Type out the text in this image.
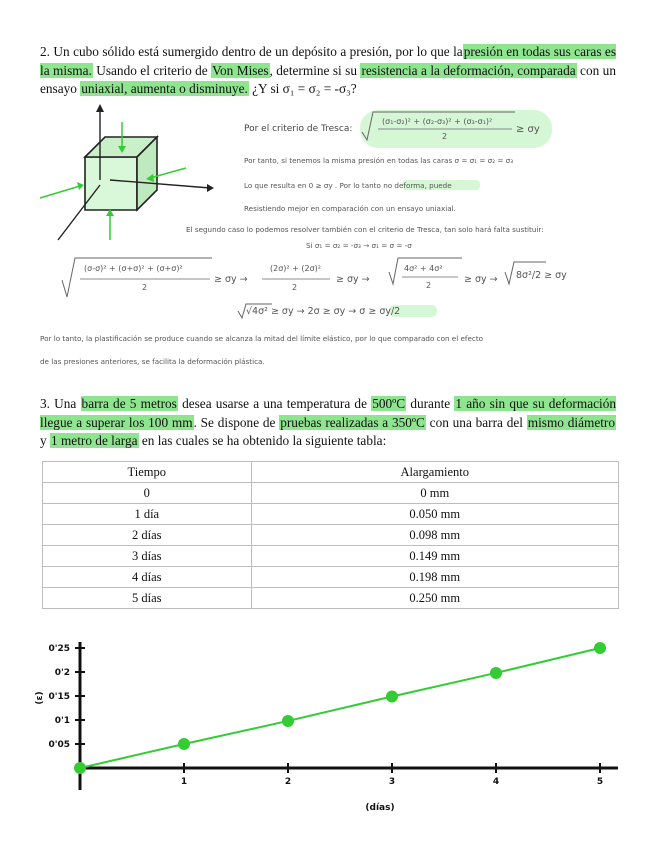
2. Un cubo sólido está sumergido dentro de un depósito a presión, por lo que lapresión en todas sus caras es la misma. Usando el criterio de Von Mises, determine si su resistencia a la deformación, comparada con un ensayo uniaxial, aumenta o disminuye. ¿Y si σ₁ = σ₂ = -σ₃?
Por el criterio de Tresca:
(σ₁-σ₂)² + (σ₂-σ₃)² + (σ₃-σ₁)²
2
≥ σy
Por tanto, si tenemos la misma presión en todas las caras σ = σ₁ = σ₂ = σ₃
Lo que resulta en 0 ≥ σy . Por lo tanto no deforma, puede
Resistiendo mejor en comparación con un ensayo uniaxial.
El segundo caso lo podemos resolver también con el criterio de Tresca, tan solo hará falta sustituir:
Si σ₁ = σ₂ = -σ₃ → σ₁ = σ = -σ
(σ-σ)² + (σ+σ)² + (σ+σ)²
2
≥ σy →
(2σ)² + (2σ)²
2
≥ σy →
4σ² + 4σ²
2
≥ σy → 8σ²/2 ≥ σy
√4σ² ≥ σy → 2σ ≥ σy → σ ≥ σy/2
Por lo tanto, la plastificación se produce cuando se alcanza la mitad del límite elástico, por lo que comparado con el efecto
de las presiones anteriores, se facilita la deformación plástica.
3. Una barra de 5 metros desea usarse a una temperatura de 500ºC durante 1 año sin que su deformación llegue a superar los 100 mm. Se dispone de pruebas realizadas a 350ºC con una barra del mismo diámetro y 1 metro de larga en las cuales se ha obtenido la siguiente tabla:
Tiempo	Alargamiento
0	0 mm
1 día	0.050 mm
2 días	0.098 mm
3 días	0.149 mm
4 días	0.198 mm
5 días	0.250 mm
0'05
0'1
0'15
0'2
0'25
1	2	3	4	5
(días)
(ε)
